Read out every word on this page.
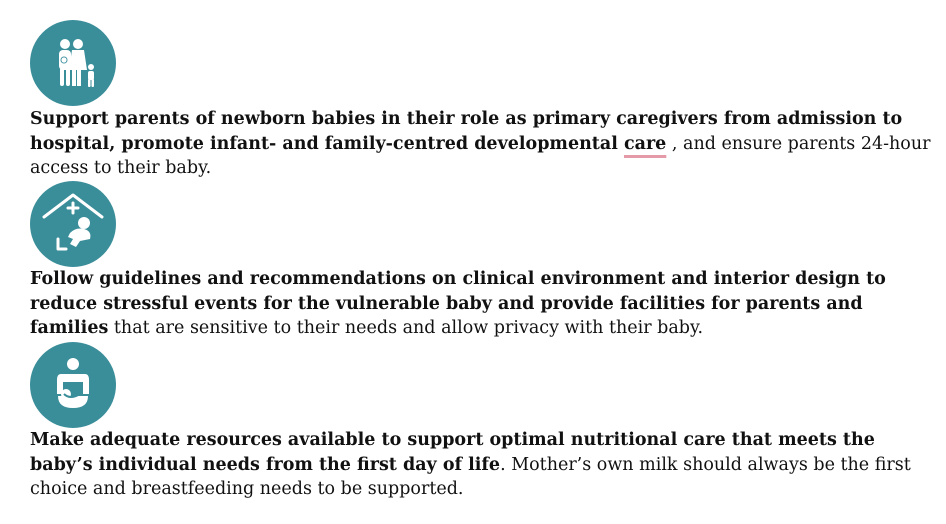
Support parents of newborn babies in their role as primary caregivers from admission to hospital, promote infant- and family-centred developmental care , and ensure parents 24-hour access to their baby.
Follow guidelines and recommendations on clinical environment and interior design to reduce stressful events for the vulnerable baby and provide facilities for parents and families that are sensitive to their needs and allow privacy with their baby.
Make adequate resources available to support optimal nutritional care that meets the baby’s individual needs from the first day of life. Mother’s own milk should always be the first choice and breastfeeding needs to be supported.
